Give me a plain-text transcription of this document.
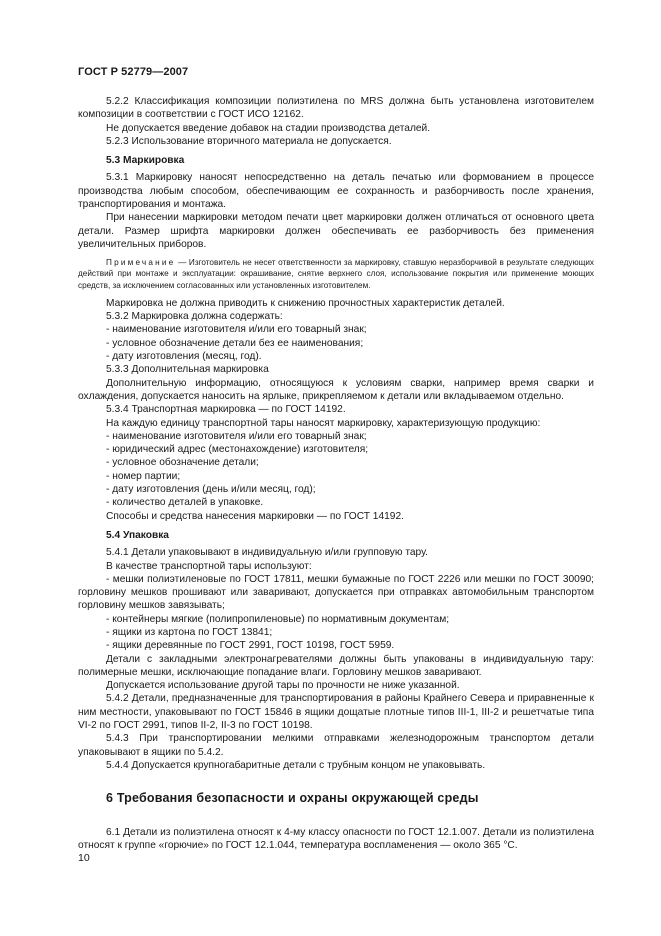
ГОСТ Р 52779—2007

5.2.2 Классификация композиции полиэтилена по MRS должна быть установлена изготовителем композиции в соответствии с ГОСТ ИСО 12162.

Не допускается введение добавок на стадии производства деталей.

5.2.3 Использование вторичного материала не допускается.

5.3 Маркировка

5.3.1 Маркировку наносят непосредственно на деталь печатью или формованием в процессе производства любым способом, обеспечивающим ее сохранность и разборчивость после хранения, транспортирования и монтажа.

При нанесении маркировки методом печати цвет маркировки должен отличаться от основного цвета детали. Размер шрифта маркировки должен обеспечивать ее разборчивость без применения увеличительных приборов.

Примечание — Изготовитель не несет ответственности за маркировку, ставшую неразборчивой в результате следующих действий при монтаже и эксплуатации: окрашивание, снятие верхнего слоя, использование покрытия или применение моющих средств, за исключением согласованных или установленных изготовителем.

Маркировка не должна приводить к снижению прочностных характеристик деталей.

5.3.2 Маркировка должна содержать:

- наименование изготовителя и/или его товарный знак;

- условное обозначение детали без ее наименования;

- дату изготовления (месяц, год).

5.3.3 Дополнительная маркировка

Дополнительную информацию, относящуюся к условиям сварки, например время сварки и охлаждения, допускается наносить на ярлыке, прикрепляемом к детали или вкладываемом отдельно.

5.3.4 Транспортная маркировка — по ГОСТ 14192.

На каждую единицу транспортной тары наносят маркировку, характеризующую продукцию:

- наименование изготовителя и/или его товарный знак;

- юридический адрес (местонахождение) изготовителя;

- условное обозначение детали;

- номер партии;

- дату изготовления (день и/или месяц, год);

- количество деталей в упаковке.

Способы и средства нанесения маркировки — по ГОСТ 14192.

5.4 Упаковка

5.4.1 Детали упаковывают в индивидуальную и/или групповую тару.

В качестве транспортной тары используют:

- мешки полиэтиленовые по ГОСТ 17811, мешки бумажные по ГОСТ 2226 или мешки по ГОСТ 30090; горловину мешков прошивают или заваривают, допускается при отправках автомобильным транспортом горловину мешков завязывать;

- контейнеры мягкие (полипропиленовые) по нормативным документам;

- ящики из картона по ГОСТ 13841;

- ящики деревянные по ГОСТ 2991, ГОСТ 10198, ГОСТ 5959.

Детали с закладными электронагревателями должны быть упакованы в индивидуальную тару: полимерные мешки, исключающие попадание влаги. Горловину мешков заваривают.

Допускается использование другой тары по прочности не ниже указанной.

5.4.2 Детали, предназначенные для транспортирования в районы Крайнего Севера и приравненные к ним местности, упаковывают по ГОСТ 15846 в ящики дощатые плотные типов III-1, III-2 и решетчатые типа VI-2 по ГОСТ 2991, типов II-2, II-3 по ГОСТ 10198.

5.4.3 При транспортировании мелкими отправками железнодорожным транспортом детали упаковывают в ящики по 5.4.2.

5.4.4 Допускается крупногабаритные детали с трубным концом не упаковывать.

6 Требования безопасности и охраны окружающей среды

6.1 Детали из полиэтилена относят к 4-му классу опасности по ГОСТ 12.1.007. Детали из полиэтилена относят к группе «горючие» по ГОСТ 12.1.044, температура воспламенения — около 365 °С.

10
